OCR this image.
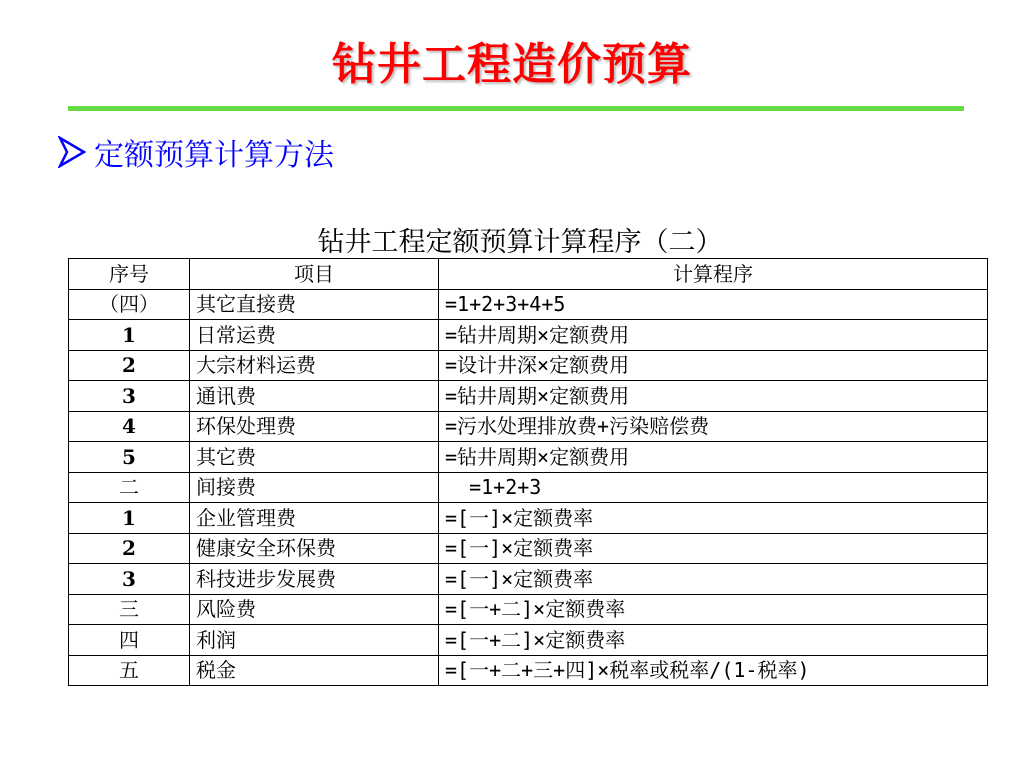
钻井工程造价预算
定额预算计算方法
钻井工程定额预算计算程序（二）
序号	项目	计算程序
（四）	其它直接费	=1+2+3+4+5
1	日常运费	=钻井周期×定额费用
2	大宗材料运费	=设计井深×定额费用
3	通讯费	=钻井周期×定额费用
4	环保处理费	=污水处理排放费+污染赔偿费
5	其它费	=钻井周期×定额费用
二	间接费	=1+2+3
1	企业管理费	=[一]×定额费率
2	健康安全环保费	=[一]×定额费率
3	科技进步发展费	=[一]×定额费率
三	风险费	=[一+二]×定额费率
四	利润	=[一+二]×定额费率
五	税金	=[一+二+三+四]×税率或税率/(1-税率)
